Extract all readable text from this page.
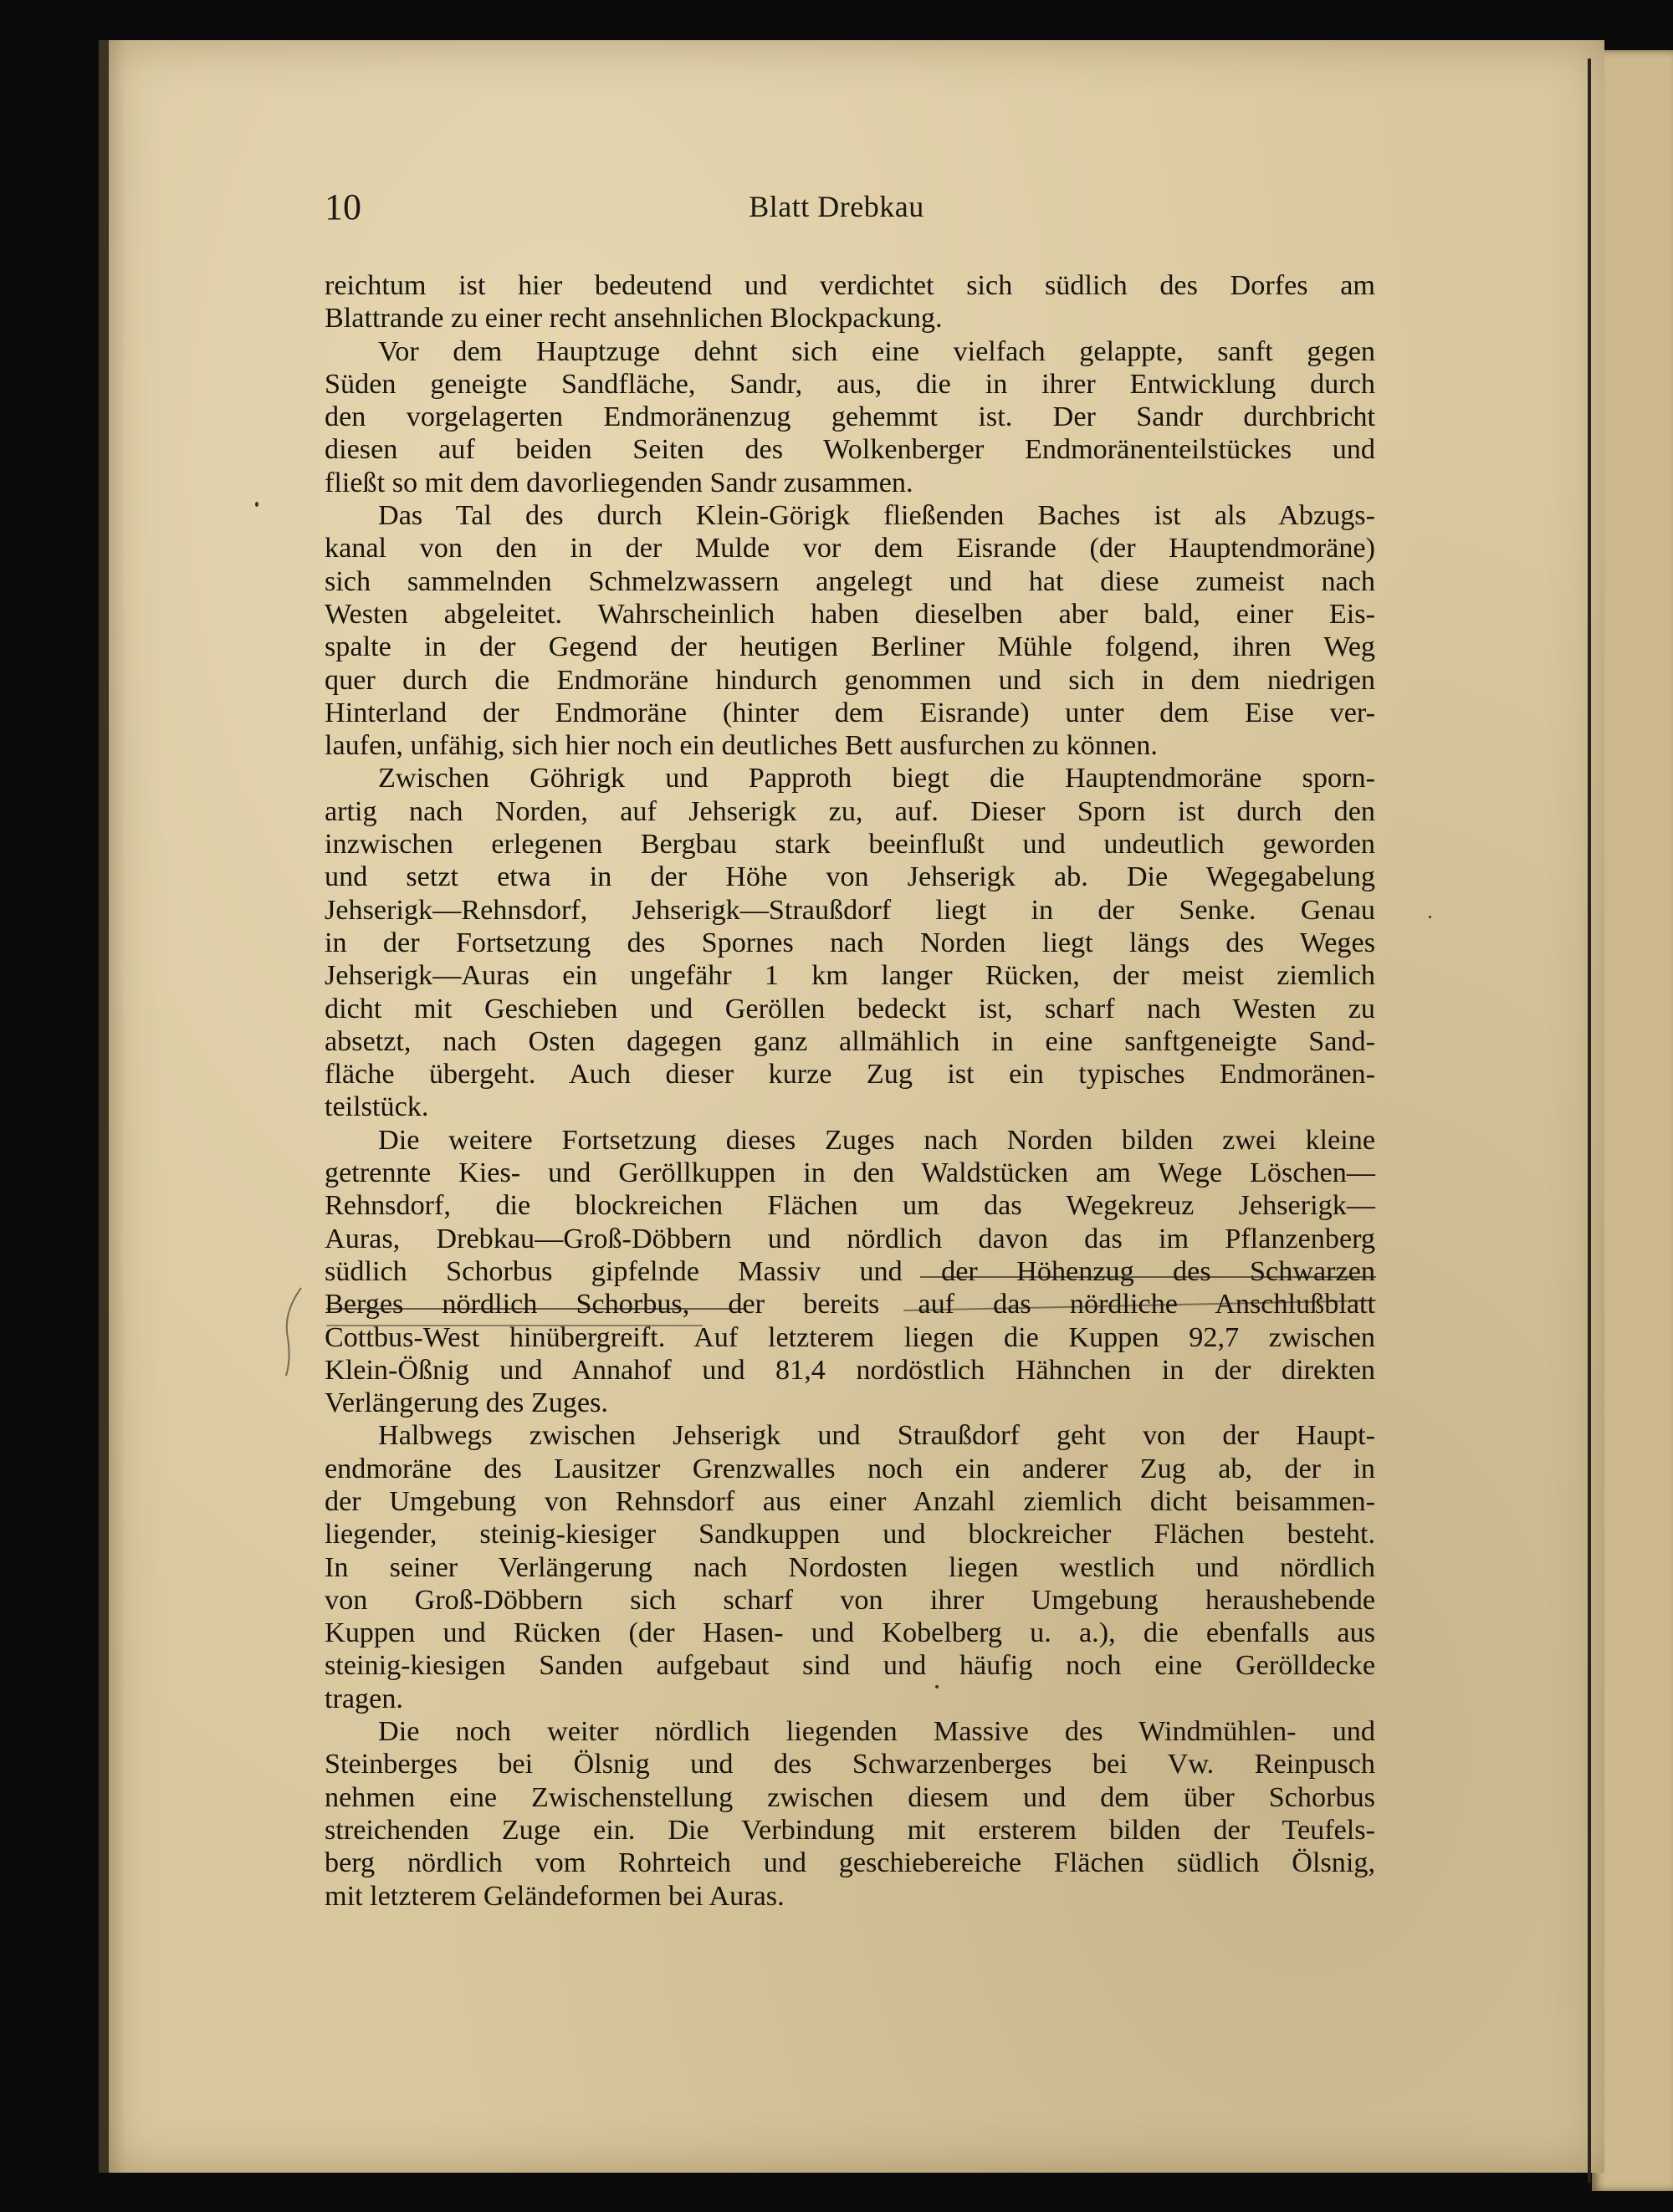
10	Blatt Drebkau
reichtum ist hier bedeutend und verdichtet sich südlich des Dorfes am
Blattrande zu einer recht ansehnlichen Blockpackung.
Vor dem Hauptzuge dehnt sich eine vielfach gelappte, sanft gegen
Süden geneigte Sandfläche, Sandr, aus, die in ihrer Entwicklung durch
den vorgelagerten Endmoränenzug gehemmt ist. Der Sandr durchbricht
diesen auf beiden Seiten des Wolkenberger Endmoränenteilstückes und
fließt so mit dem davorliegenden Sandr zusammen.
Das Tal des durch Klein-Görigk fließenden Baches ist als Abzugs-
kanal von den in der Mulde vor dem Eisrande (der Hauptendmoräne)
sich sammelnden Schmelzwassern angelegt und hat diese zumeist nach
Westen abgeleitet. Wahrscheinlich haben dieselben aber bald, einer Eis-
spalte in der Gegend der heutigen Berliner Mühle folgend, ihren Weg
quer durch die Endmoräne hindurch genommen und sich in dem niedrigen
Hinterland der Endmoräne (hinter dem Eisrande) unter dem Eise ver-
laufen, unfähig, sich hier noch ein deutliches Bett ausfurchen zu können.
Zwischen Göhrigk und Papproth biegt die Hauptendmoräne sporn-
artig nach Norden, auf Jehserigk zu, auf. Dieser Sporn ist durch den
inzwischen erlegenen Bergbau stark beeinflußt und undeutlich geworden
und setzt etwa in der Höhe von Jehserigk ab. Die Wegegabelung
Jehserigk—Rehnsdorf, Jehserigk—Straußdorf liegt in der Senke. Genau
in der Fortsetzung des Spornes nach Norden liegt längs des Weges
Jehserigk—Auras ein ungefähr 1 km langer Rücken, der meist ziemlich
dicht mit Geschieben und Geröllen bedeckt ist, scharf nach Westen zu
absetzt, nach Osten dagegen ganz allmählich in eine sanftgeneigte Sand-
fläche übergeht. Auch dieser kurze Zug ist ein typisches Endmoränen-
teilstück.
Die weitere Fortsetzung dieses Zuges nach Norden bilden zwei kleine
getrennte Kies- und Geröllkuppen in den Waldstücken am Wege Löschen—
Rehnsdorf, die blockreichen Flächen um das Wegekreuz Jehserigk—
Auras, Drebkau—Groß-Döbbern und nördlich davon das im Pflanzenberg
südlich Schorbus gipfelnde Massiv und der Höhenzug des Schwarzen
Berges nördlich Schorbus, der bereits auf das nördliche Anschlußblatt
Cottbus-West hinübergreift. Auf letzterem liegen die Kuppen 92,7 zwischen
Klein-Ößnig und Annahof und 81,4 nordöstlich Hähnchen in der direkten
Verlängerung des Zuges.
Halbwegs zwischen Jehserigk und Straußdorf geht von der Haupt-
endmoräne des Lausitzer Grenzwalles noch ein anderer Zug ab, der in
der Umgebung von Rehnsdorf aus einer Anzahl ziemlich dicht beisammen-
liegender, steinig-kiesiger Sandkuppen und blockreicher Flächen besteht.
In seiner Verlängerung nach Nordosten liegen westlich und nördlich
von Groß-Döbbern sich scharf von ihrer Umgebung heraushebende
Kuppen und Rücken (der Hasen- und Kobelberg u. a.), die ebenfalls aus
steinig-kiesigen Sanden aufgebaut sind und häufig noch eine Gerölldecke
tragen.
Die noch weiter nördlich liegenden Massive des Windmühlen- und
Steinberges bei Ölsnig und des Schwarzenberges bei Vw. Reinpusch
nehmen eine Zwischenstellung zwischen diesem und dem über Schorbus
streichenden Zuge ein. Die Verbindung mit ersterem bilden der Teufels-
berg nördlich vom Rohrteich und geschiebereiche Flächen südlich Ölsnig,
mit letzterem Geländeformen bei Auras.
